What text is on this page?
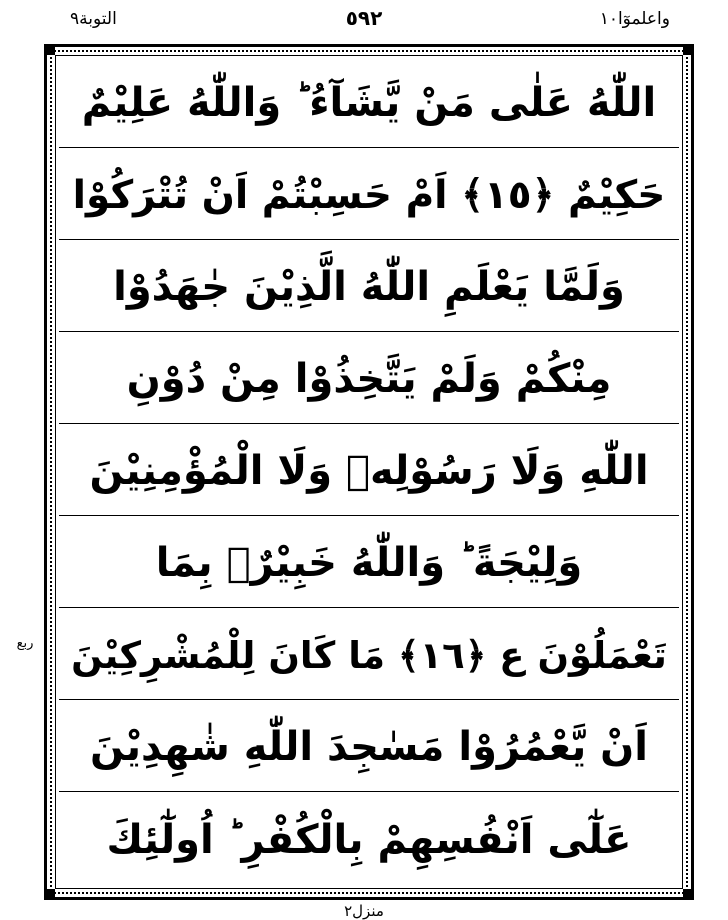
التوبة٩	٥٩٢	واعلموٓا١٠
اللّٰهُ عَلٰى مَنْ يَّشَآءُ ؕ وَاللّٰهُ عَلِيْمٌ
حَكِيْمٌ ﴿١٥﴾ اَمْ حَسِبْتُمْ اَنْ تُتْرَكُوْا
وَلَمَّا يَعْلَمِ اللّٰهُ الَّذِيْنَ جٰهَدُوْا
مِنْكُمْ وَلَمْ يَتَّخِذُوْا مِنْ دُوْنِ
اللّٰهِ وَلَا رَسُوْلِهٖ وَلَا الْمُؤْمِنِيْنَ
وَلِيْجَةً ؕ وَاللّٰهُ خَبِيْرٌۢ بِمَا
تَعْمَلُوْنَ ع ﴿١٦﴾ مَا كَانَ لِلْمُشْرِكِيْنَ
اَنْ يَّعْمُرُوْا مَسٰجِدَ اللّٰهِ شٰهِدِيْنَ
عَلٰٓى اَنْفُسِهِمْ بِالْكُفْرِ ؕ اُولٰٓئِكَ
ربع
منزل٢
